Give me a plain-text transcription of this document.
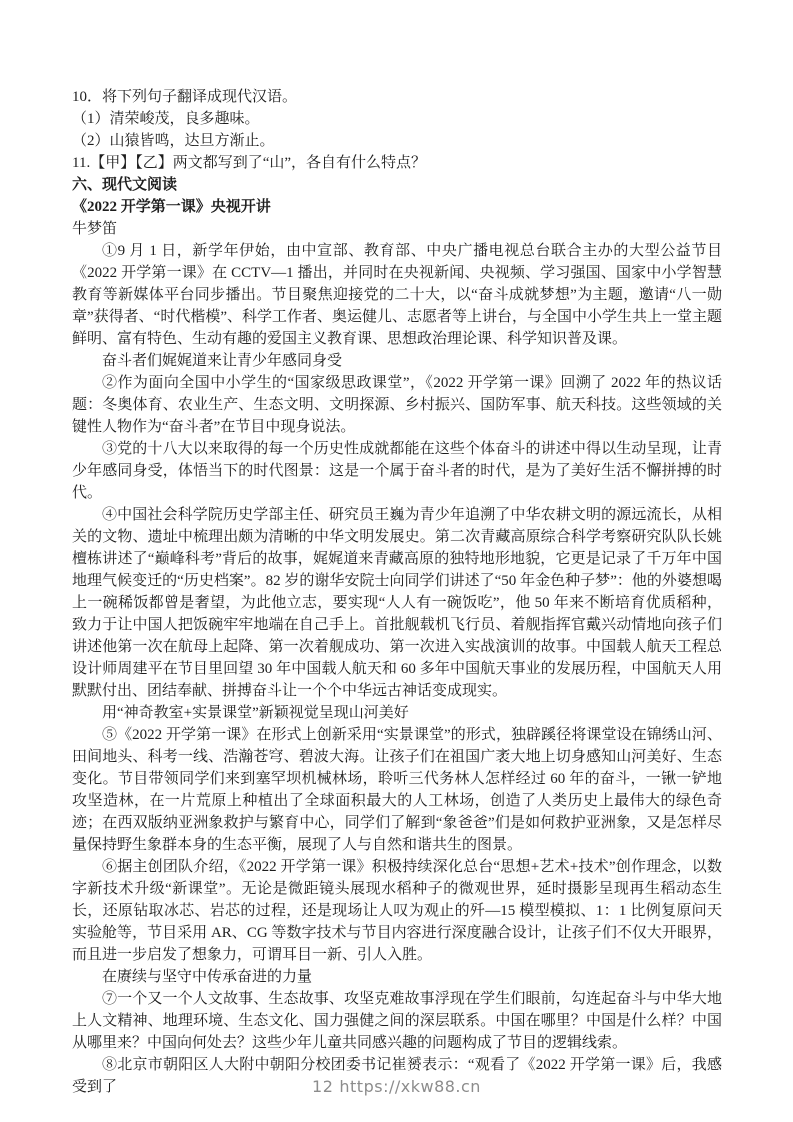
10．将下列句子翻译成现代汉语。

（1）清荣峻茂，良多趣味。

（2）山猿皆鸣，达旦方渐止。

11.【甲】【乙】两文都写到了“山”，各自有什么特点？

六、现代文阅读

《2022 开学第一课》央视开讲

牛梦笛

①9 月 1 日，新学年伊始，由中宣部、教育部、中央广播电视总台联合主办的大型公益节目《2022 开学第一课》在 CCTV—1 播出，并同时在央视新闻、央视频、学习强国、国家中小学智慧教育等新媒体平台同步播出。节目聚焦迎接党的二十大，以“奋斗成就梦想”为主题，邀请“八一勋章”获得者、“时代楷模”、科学工作者、奥运健儿、志愿者等上讲台，与全国中小学生共上一堂主题鲜明、富有特色、生动有趣的爱国主义教育课、思想政治理论课、科学知识普及课。

奋斗者们娓娓道来让青少年感同身受

②作为面向全国中小学生的“国家级思政课堂”，《2022 开学第一课》回溯了 2022 年的热议话题：冬奥体育、农业生产、生态文明、文明探源、乡村振兴、国防军事、航天科技。这些领域的关键性人物作为“奋斗者”在节目中现身说法。

③党的十八大以来取得的每一个历史性成就都能在这些个体奋斗的讲述中得以生动呈现，让青少年感同身受，体悟当下的时代图景：这是一个属于奋斗者的时代，是为了美好生活不懈拼搏的时代。

④中国社会科学院历史学部主任、研究员王巍为青少年追溯了中华农耕文明的源远流长，从相关的文物、遗址中梳理出颇为清晰的中华文明发展史。第二次青藏高原综合科学考察研究队队长姚檀栋讲述了“巅峰科考”背后的故事，娓娓道来青藏高原的独特地形地貌，它更是记录了千万年中国地理气候变迁的“历史档案”。82 岁的谢华安院士向同学们讲述了“50 年金色种子梦”：他的外婆想喝上一碗稀饭都曾是奢望，为此他立志，要实现“人人有一碗饭吃”，他 50 年来不断培育优质稻种，致力于让中国人把饭碗牢牢地端在自己手上。首批舰载机飞行员、着舰指挥官戴兴动情地向孩子们讲述他第一次在航母上起降、第一次着舰成功、第一次进入实战演训的故事。中国载人航天工程总设计师周建平在节目里回望 30 年中国载人航天和 60 多年中国航天事业的发展历程，中国航天人用默默付出、团结奉献、拼搏奋斗让一个个中华远古神话变成现实。

用“神奇教室+实景课堂”新颖视觉呈现山河美好

⑤《2022 开学第一课》在形式上创新采用“实景课堂”的形式，独辟蹊径将课堂设在锦绣山河、田间地头、科考一线、浩瀚苍穹、碧波大海。让孩子们在祖国广袤大地上切身感知山河美好、生态变化。节目带领同学们来到塞罕坝机械林场，聆听三代务林人怎样经过 60 年的奋斗，一锹一铲地攻坚造林，在一片荒原上种植出了全球面积最大的人工林场，创造了人类历史上最伟大的绿色奇迹；在西双版纳亚洲象救护与繁育中心，同学们了解到“象爸爸”们是如何救护亚洲象，又是怎样尽量保持野生象群本身的生态平衡，展现了人与自然和谐共生的图景。

⑥据主创团队介绍，《2022 开学第一课》积极持续深化总台“思想+艺术+技术”创作理念，以数字新技术升级“新课堂”。无论是微距镜头展现水稻种子的微观世界，延时摄影呈现再生稻动态生长，还原钻取冰芯、岩芯的过程，还是现场让人叹为观止的歼—15 模型模拟、1：1 比例复原问天实验舱等，节目采用 AR、CG 等数字技术与节目内容进行深度融合设计，让孩子们不仅大开眼界，而且进一步启发了想象力，可谓耳目一新、引人入胜。

在赓续与坚守中传承奋进的力量

⑦一个又一个人文故事、生态故事、攻坚克难故事浮现在学生们眼前，勾连起奋斗与中华大地上人文精神、地理环境、生态文化、国力强健之间的深层联系。中国在哪里？中国是什么样？中国从哪里来？中国向何处去？这些少年儿童共同感兴趣的问题构成了节目的逻辑线索。

⑧北京市朝阳区人大附中朝阳分校团委书记崔赟表示：“观看了《2022 开学第一课》后，我感受到了	12 https://xkw88.cn
